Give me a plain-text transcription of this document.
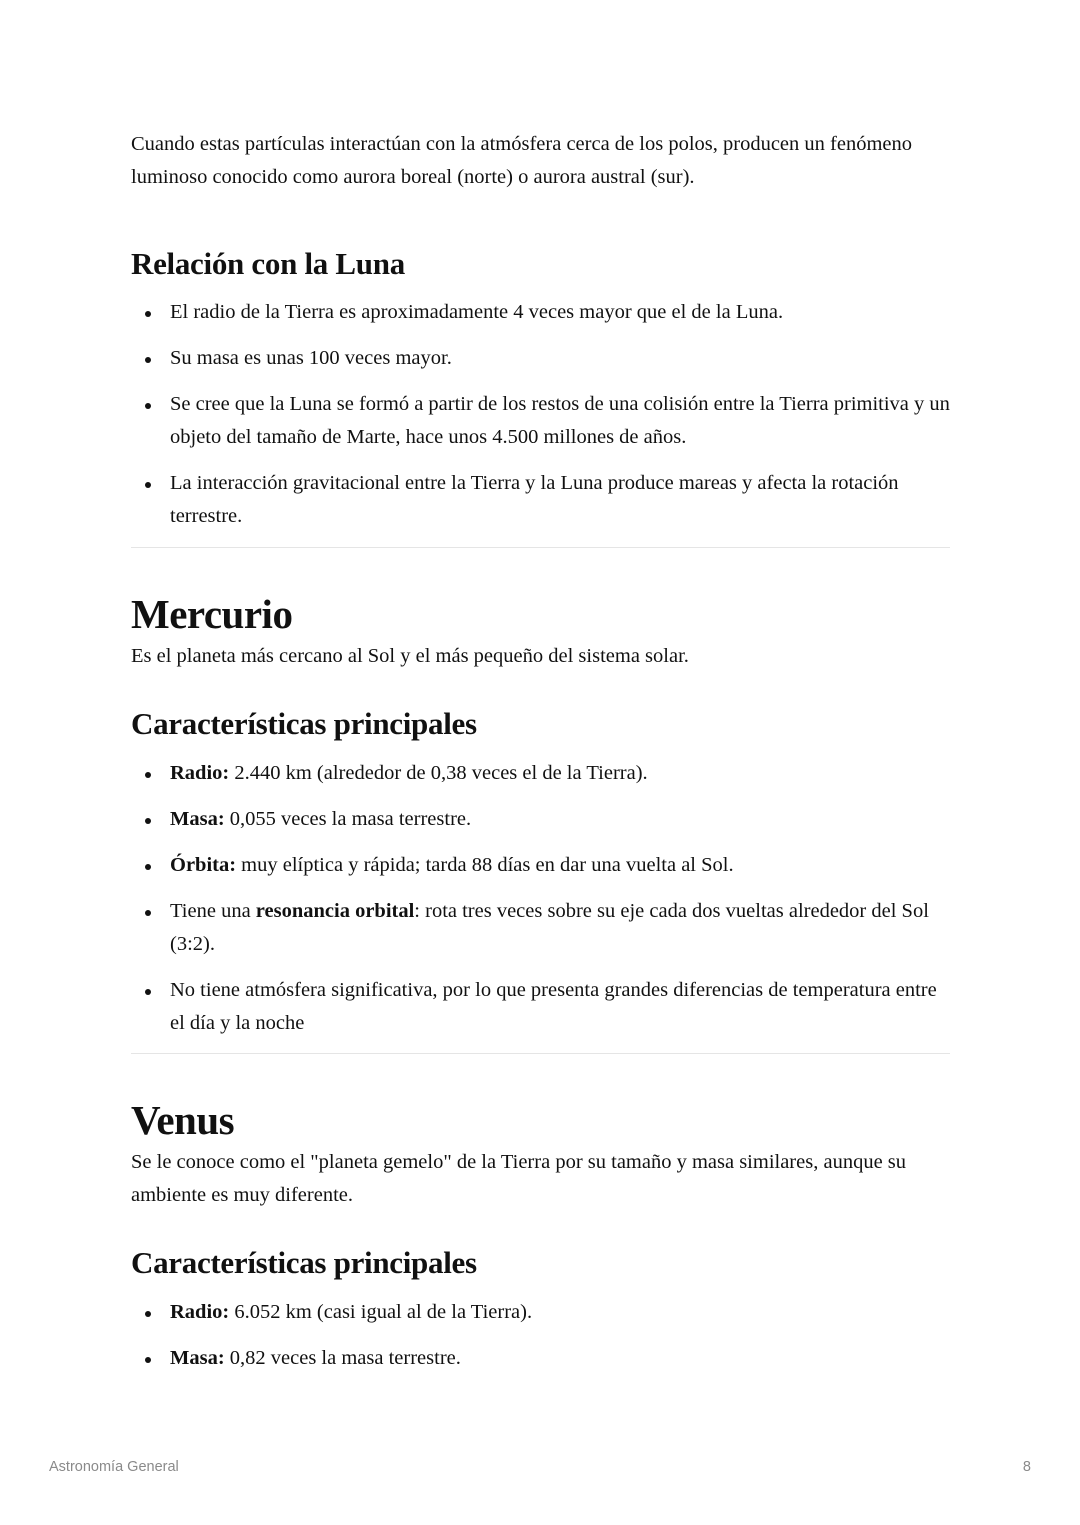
Cuando estas partículas interactúan con la atmósfera cerca de los polos, producen un fenómeno luminoso conocido como aurora boreal (norte) o aurora austral (sur).

Relación con la Luna
El radio de la Tierra es aproximadamente 4 veces mayor que el de la Luna.
Su masa es unas 100 veces mayor.
Se cree que la Luna se formó a partir de los restos de una colisión entre la Tierra primitiva y un objeto del tamaño de Marte, hace unos 4.500 millones de años.
La interacción gravitacional entre la Tierra y la Luna produce mareas y afecta la rotación terrestre.
Mercurio

Es el planeta más cercano al Sol y el más pequeño del sistema solar.

Características principales
Radio: 2.440 km (alrededor de 0,38 veces el de la Tierra).
Masa: 0,055 veces la masa terrestre.
Órbita: muy elíptica y rápida; tarda 88 días en dar una vuelta al Sol.
Tiene una resonancia orbital: rota tres veces sobre su eje cada dos vueltas alrededor del Sol (3:2).
No tiene atmósfera significativa, por lo que presenta grandes diferencias de temperatura entre el día y la noche
Venus

Se le conoce como el "planeta gemelo" de la Tierra por su tamaño y masa similares, aunque su ambiente es muy diferente.

Características principales
Radio: 6.052 km (casi igual al de la Tierra).
Masa: 0,82 veces la masa terrestre.
Astronomía General	8
